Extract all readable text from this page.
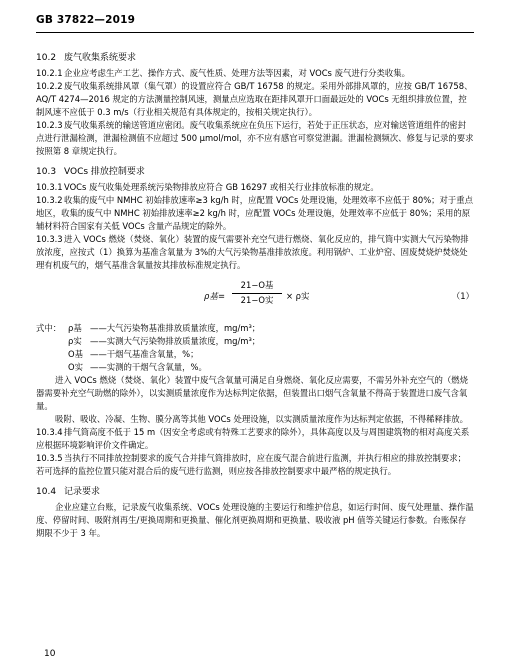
GB 37822—2019

10.2 废气收集系统要求

10.2.1企业应考虑生产工艺、操作方式、废气性质、处理方法等因素，对 VOCs 废气进行分类收集。

10.2.2废气收集系统排风罩（集气罩）的设置应符合 GB/T 16758 的规定。采用外部排风罩的，应按 GB/T 16758、AQ/T 4274—2016 规定的方法测量控制风速，测量点应选取在距排风罩开口面最远处的 VOCs 无组织排放位置，控制风速不应低于 0.3 m/s（行业相关规范有具体规定的，按相关规定执行）。

10.2.3废气收集系统的输送管道应密闭。废气收集系统应在负压下运行，若处于正压状态，应对输送管道组件的密封点进行泄漏检测，泄漏检测值不应超过 500 μmol/mol，亦不应有感官可察觉泄漏。泄漏检测频次、修复与记录的要求按照第 8 章规定执行。

10.3 VOCs 排放控制要求

10.3.1VOCs 废气收集处理系统污染物排放应符合 GB 16297 或相关行业排放标准的规定。

10.3.2收集的废气中 NMHC 初始排放速率≥3 kg/h 时，应配置 VOCs 处理设施，处理效率不应低于 80%；对于重点地区，收集的废气中 NMHC 初始排放速率≥2 kg/h 时，应配置 VOCs 处理设施，处理效率不应低于 80%；采用的原辅材料符合国家有关低 VOCs 含量产品规定的除外。

10.3.3进入 VOCs 燃烧（焚烧、氧化）装置的废气需要补充空气进行燃烧、氧化反应的，排气筒中实测大气污染物排放浓度，应按式（1）换算为基准含氧量为 3%的大气污染物基准排放浓度。利用锅炉、工业炉窑、固废焚烧炉焚烧处理有机废气的，烟气基准含氧量按其排放标准规定执行。

ρ基 =
21−O基
21−O实	× ρ实	（1）
式中： ρ基 ——大气污染物基准排放质量浓度，mg/m³；
ρ实 ——实测大气污染物排放质量浓度，mg/m³；
O基 ——干烟气基准含氧量，%；
O实 ——实测的干烟气含氧量，%。

进入 VOCs 燃烧（焚烧、氧化）装置中废气含氧量可满足自身燃烧、氧化反应需要，不需另外补充空气的（燃烧器需要补充空气助燃的除外），以实测质量浓度作为达标判定依据，但装置出口烟气含氧量不得高于装置进口废气含氧量。

吸附、吸收、冷凝、生物、膜分离等其他 VOCs 处理设施，以实测质量浓度作为达标判定依据，不得稀释排放。

10.3.4排气筒高度不低于 15 m（因安全考虑或有特殊工艺要求的除外），具体高度以及与周围建筑物的相对高度关系应根据环境影响评价文件确定。

10.3.5当执行不同排放控制要求的废气合并排气筒排放时，应在废气混合前进行监测，并执行相应的排放控制要求；若可选择的监控位置只能对混合后的废气进行监测，则应按各排放控制要求中最严格的规定执行。

10.4 记录要求

企业应建立台账，记录废气收集系统、VOCs 处理设施的主要运行和维护信息，如运行时间、废气处理量、操作温度、停留时间、吸附剂再生/更换周期和更换量、催化剂更换周期和更换量、吸收液 pH 值等关键运行参数。台账保存期限不少于 3 年。

10
